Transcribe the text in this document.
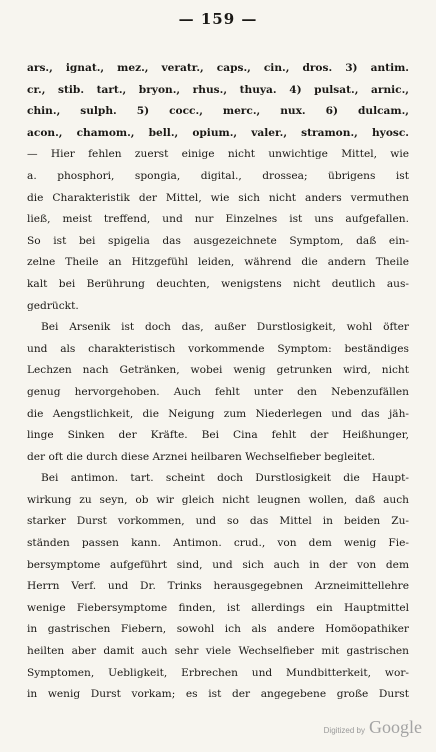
— 159 —
ars., ignat., mez., veratr., caps., cin., dros. 3) antim.
cr., stib. tart., bryon., rhus., thuya. 4) pulsat., arnic.,
chin., sulph. 5) cocc., merc., nux. 6) dulcam.,
acon., chamom., bell., opium., valer., stramon., hyosc.
— Hier fehlen zuerst einige nicht unwichtige Mittel, wie
a. phosphori, spongia, digital., drossea; übrigens ist
die Charakteristik der Mittel, wie sich nicht anders vermuthen
ließ, meist treffend, und nur Einzelnes ist uns aufgefallen.
So ist bei spigelia das ausgezeichnete Symptom, daß ein-
zelne Theile an Hitzgefühl leiden, während die andern Theile
kalt bei Berührung deuchten, wenigstens nicht deutlich aus-
gedrückt.
Bei Arsenik ist doch das, außer Durstlosigkeit, wohl öfter
und als charakteristisch vorkommende Symptom: beständiges
Lechzen nach Getränken, wobei wenig getrunken wird, nicht
genug hervorgehoben. Auch fehlt unter den Nebenzufällen
die Aengstlichkeit, die Neigung zum Niederlegen und das jäh-
linge Sinken der Kräfte. Bei Cina fehlt der Heißhunger,
der oft die durch diese Arznei heilbaren Wechselfieber begleitet.
Bei antimon. tart. scheint doch Durstlosigkeit die Haupt-
wirkung zu seyn, ob wir gleich nicht leugnen wollen, daß auch
starker Durst vorkommen, und so das Mittel in beiden Zu-
ständen passen kann. Antimon. crud., von dem wenig Fie-
bersymptome aufgeführt sind, und sich auch in der von dem
Herrn Verf. und Dr. Trinks herausgegebnen Arzneimittellehre
wenige Fiebersymptome finden, ist allerdings ein Hauptmittel
in gastrischen Fiebern, sowohl ich als andere Homöopathiker
heilten aber damit auch sehr viele Wechselfieber mit gastrischen
Symptomen, Uebligkeit, Erbrechen und Mundbitterkeit, wor-
in wenig Durst vorkam; es ist der angegebene große Durst
Digitized by Google
